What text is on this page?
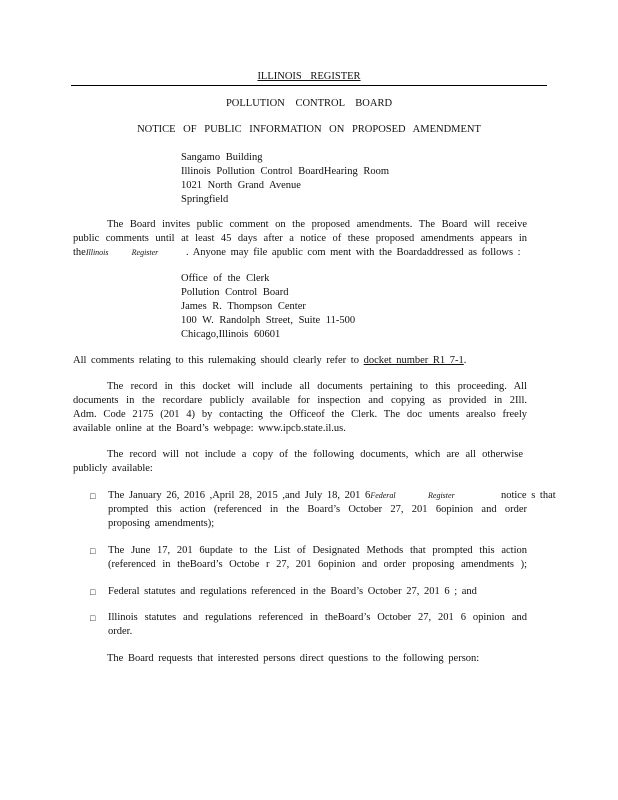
ILLINOIS REGISTER
POLLUTION CONTROL BOARD
NOTICE OF PUBLIC INFORMATION ON PROPOSED AMENDMENT
Sangamo Building
Illinois Pollution Control BoardHearing Room
1021 North Grand Avenue
Springfield
The Board invites public comment on the proposed amendments. The Board will receive
public comments until at least 45 days after a notice of these proposed amendments appears in
theIllinois	Register	. Anyone may file apublic com ment with the Boardaddressed as follows :
Office of the Clerk
Pollution Control Board
James R. Thompson Center
100 W. Randolph Street, Suite 11-500
Chicago,Illinois 60601
All comments relating to this rulemaking should clearly refer to docket number R1 7-1.
The record in this docket will include all documents pertaining to this proceeding. All
documents in the recordare publicly available for inspection and copying as provided in 2Ill.
Adm. Code 2175 (201 4) by contacting the Officeof the Clerk. The doc uments arealso freely
available online at the Board’s webpage: www.ipcb.state.il.us.
The record will not include a copy of the following documents, which are all otherwise
publicly available:
□ The January 26, 2016 ,April 28, 2015 ,and July 18, 201 6Federal	Register	notice s that
prompted this action (referenced in the Board’s October 27, 201 6opinion and order
proposing amendments);
□ The June 17, 201 6update to the List of Designated Methods that prompted this action
(referenced in theBoard’s Octobe r 27, 201 6opinion and order proposing amendments );
□ Federal statutes and regulations referenced in the Board’s October 27, 201 6 ; and
□ Illinois statutes and regulations referenced in theBoard’s October 27, 201 6 opinion and
order.
The Board requests that interested persons direct questions to the following person:
